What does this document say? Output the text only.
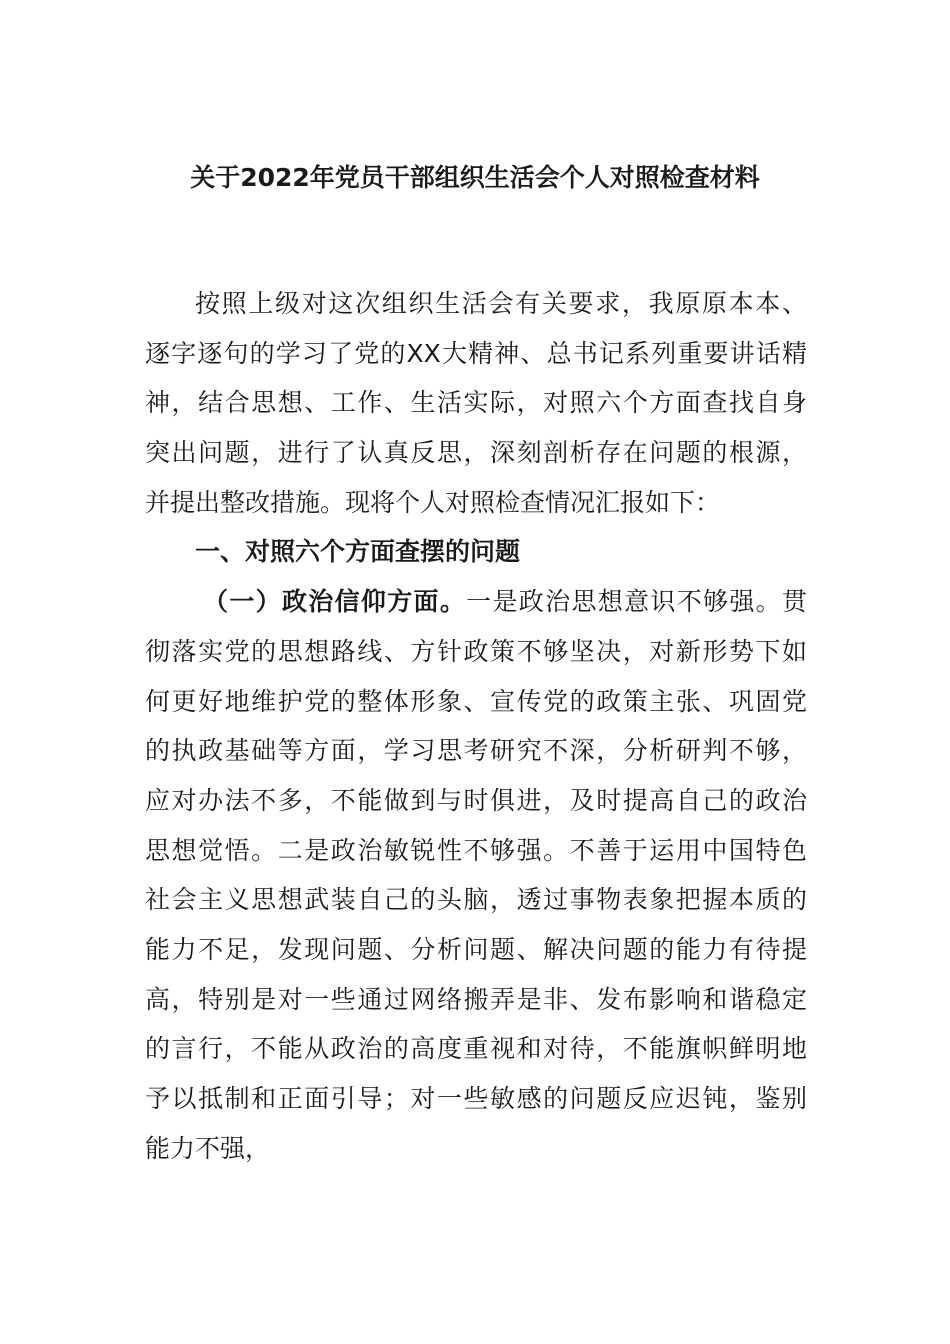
关于2022年党员干部组织生活会个人对照检查材料
按照上级对这次组织生活会有关要求，我原原本本、
逐字逐句的学习了党的XX大精神、总书记系列重要讲话精
神，结合思想、工作、生活实际，对照六个方面查找自身
突出问题，进行了认真反思，深刻剖析存在问题的根源，
并提出整改措施。现将个人对照检查情况汇报如下：
一、对照六个方面查摆的问题
（一）政治信仰方面。一是政治思想意识不够强。贯
彻落实党的思想路线、方针政策不够坚决，对新形势下如
何更好地维护党的整体形象、宣传党的政策主张、巩固党
的执政基础等方面，学习思考研究不深，分析研判不够，
应对办法不多，不能做到与时俱进，及时提高自己的政治
思想觉悟。二是政治敏锐性不够强。不善于运用中国特色
社会主义思想武装自己的头脑，透过事物表象把握本质的
能力不足，发现问题、分析问题、解决问题的能力有待提
高，特别是对一些通过网络搬弄是非、发布影响和谐稳定
的言行，不能从政治的高度重视和对待，不能旗帜鲜明地
予以抵制和正面引导；对一些敏感的问题反应迟钝，鉴别
能力不强，
